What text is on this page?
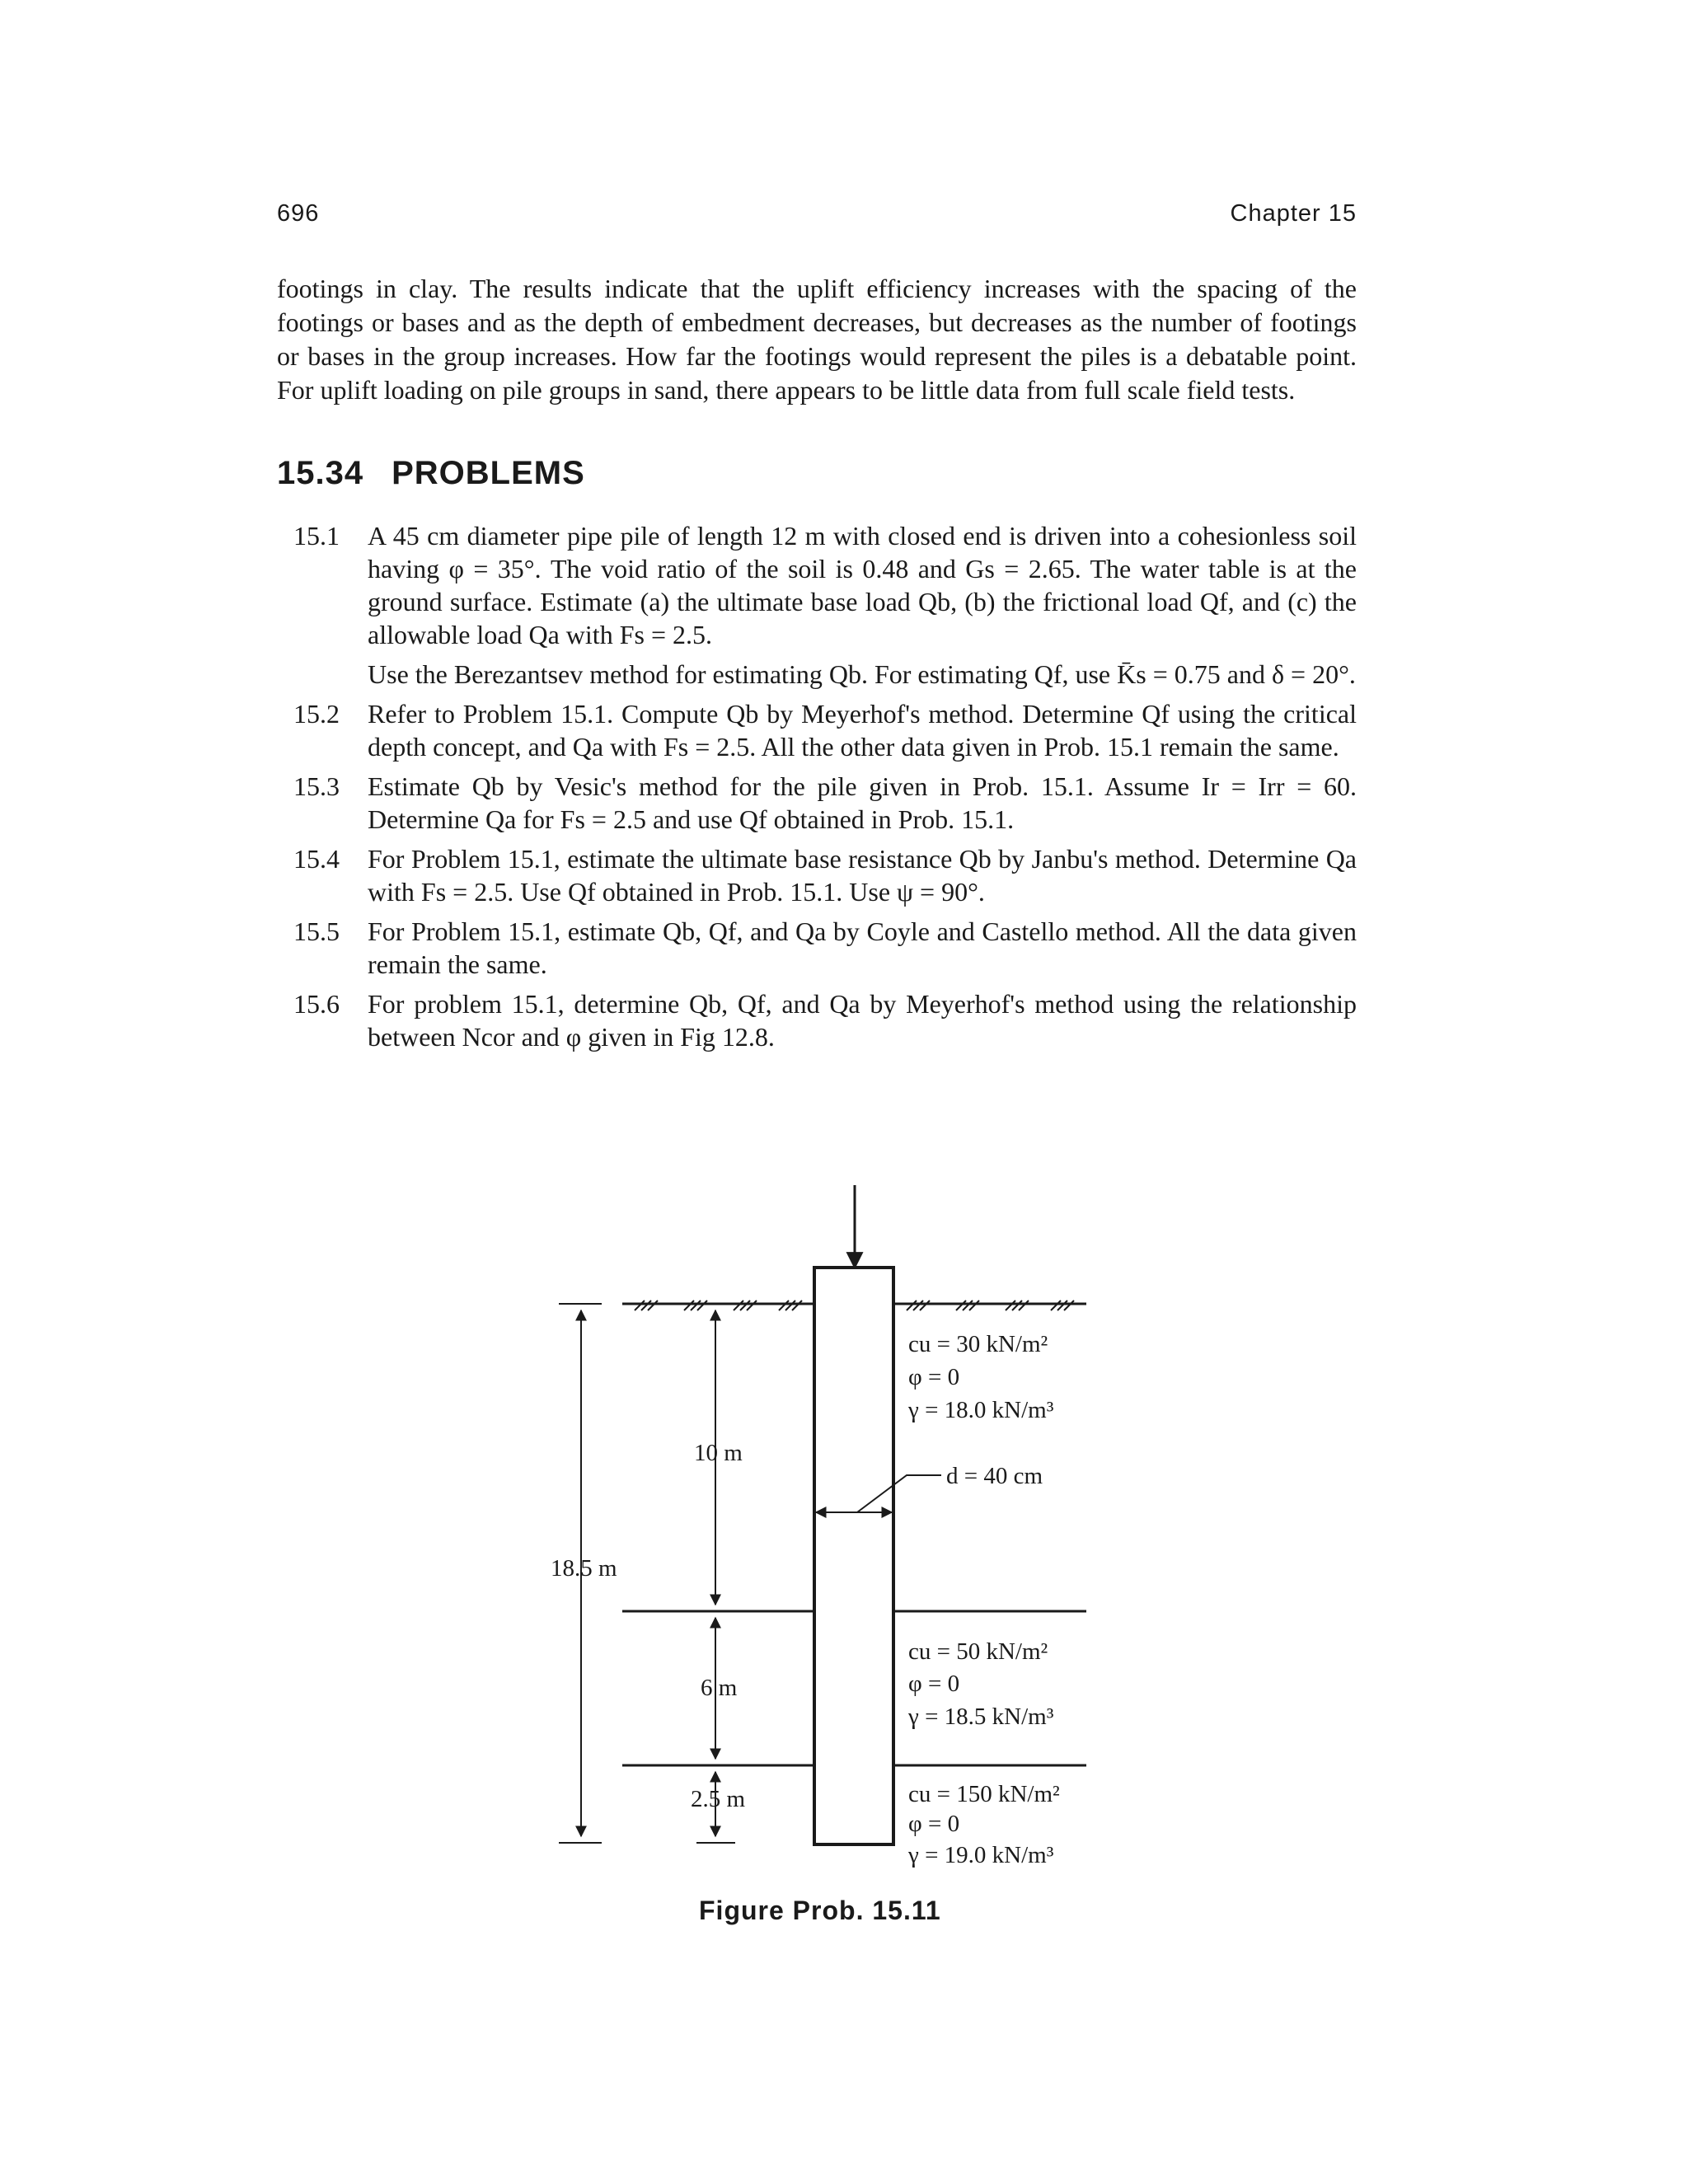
696	Chapter 15
footings in clay. The results indicate that the uplift efficiency increases with the spacing of the footings or bases and as the depth of embedment decreases, but decreases as the number of footings or bases in the group increases. How far the footings would represent the piles is a debatable point. For uplift loading on pile groups in sand, there appears to be little data from full scale field tests.
15.34 PROBLEMS
15.1 A 45 cm diameter pipe pile of length 12 m with closed end is driven into a cohesionless soil having φ = 35°. The void ratio of the soil is 0.48 and Gs = 2.65. The water table is at the ground surface. Estimate (a) the ultimate base load Qb, (b) the frictional load Qf, and (c) the allowable load Qa with Fs = 2.5.

Use the Berezantsev method for estimating Qb. For estimating Qf, use K̄s = 0.75 and δ = 20°.

15.2 Refer to Problem 15.1. Compute Qb by Meyerhof's method. Determine Qf using the critical depth concept, and Qa with Fs = 2.5. All the other data given in Prob. 15.1 remain the same.

15.3 Estimate Qb by Vesic's method for the pile given in Prob. 15.1. Assume Ir = Irr = 60. Determine Qa for Fs = 2.5 and use Qf obtained in Prob. 15.1.

15.4 For Problem 15.1, estimate the ultimate base resistance Qb by Janbu's method. Determine Qa with Fs = 2.5. Use Qf obtained in Prob. 15.1. Use ψ = 90°.

15.5 For Problem 15.1, estimate Qb, Qf, and Qa by Coyle and Castello method. All the data given remain the same.

15.6 For problem 15.1, determine Qb, Qf, and Qa by Meyerhof's method using the relationship between Ncor and φ given in Fig 12.8.

18.5 m
10 m
6 m
2.5 m
d = 40 cm
cu = 30 kN/m²
φ = 0
γ = 18.0 kN/m³
cu = 50 kN/m²
φ = 0
γ = 18.5 kN/m³
cu = 150 kN/m²
φ = 0
γ = 19.0 kN/m³
Figure Prob. 15.11
